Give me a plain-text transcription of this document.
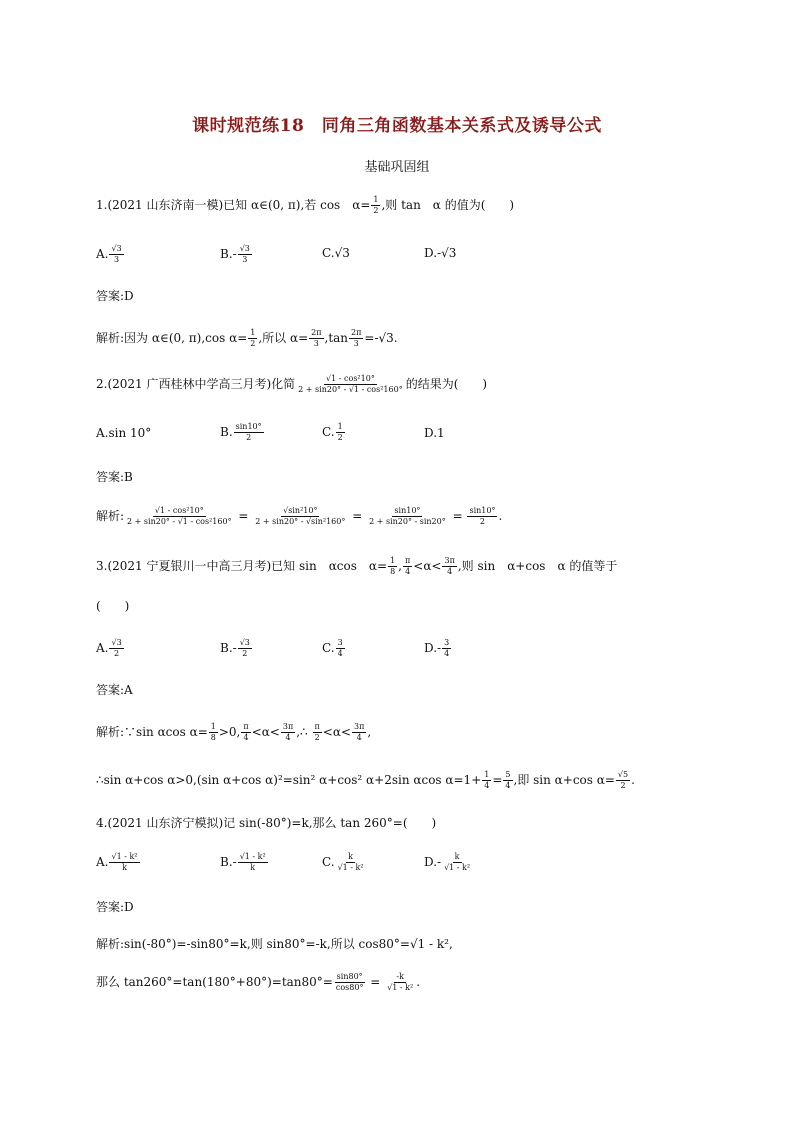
课时规范练18　同角三角函数基本关系式及诱导公式
基础巩固组
1.(2021 山东济南一模)已知 α∈(0, π),若 cos　$\alpha= \frac{1}{2}$ ,则 tan　α 的值为(　　)
A. $\frac{√3}{3}$	$B.- \frac{√3}{3}$	C.√3	D.-√3
答案:D
解析:因为 α∈(0, π),cos $\alpha= \frac{1}{2}$ ,所以 $\alpha= \frac{2\pi}{3} ,\tan \frac{2\pi}{3} =-√3$.
2.(2021 广西桂林中学高三月考)化简 $\frac{\text{√1 - cos²10°}}{\text{2 + sin20° - √1 - cos²160°}}$ 的结果为(　　)
A.sin 10°	B. $\frac{\sin 10^\circ}{2}$	C. $\frac{1}{2}$	D.1
答案:B
解析: $\frac{\text{√1 - cos²10°}}{\text{2 + sin20° - √1 - cos²160°}} = \frac{\text{√sin²10°}}{\text{2 + sin20° - √sin²160°}} = \frac{\sin 10^\circ}{2 + \sin 20^\circ - \sin 20^\circ} = \frac{\sin 10^\circ}{2}$ .
3.(2021 宁夏银川一中高三月考)已知 sin　αcos　$\alpha= \frac{1}{8}$ , $\frac{\pi}{4} <\alpha< \frac{3\pi}{4}$ ,则 sin　α+cos　α 的值等于
(　　)
A. $\frac{√3}{2}$	$B.- \frac{√3}{2}$	C. $\frac{3}{4}$	$D.- \frac{3}{4}$
答案:A
解析:∵sin αcos $\alpha= \frac{1}{8} >0$, $\frac{\pi}{4} <\alpha< \frac{3\pi}{4}$ ,∴ $\frac{\pi}{2} <\alpha< \frac{3\pi}{4}$ ,
∴sin α+cos α>0,(sin α+cos α)²=sin² α+cos² α+2sin αcos $\alpha=1+ \frac{1}{4} = \frac{5}{4}$ ,即 sin α+cos $\alpha= \frac{√5}{2}$ .
4.(2021 山东济宁模拟)记 sin(-80°)=k,那么 tan 260°=(　　)
A. $\frac{\text{√1 - k²}}{k}$	$B.- \frac{\text{√1 - k²}}{k}$	C. $\frac{k}{\text{√1 - k²}}$	$D.- \frac{k}{\text{√1 - k²}}$
答案:D
解析:sin(-80°)=-sin80°=k,则 sin80°=-k,所以 cos80°=√1 - k²,
那么 $\tan 260^\circ=\tan(180^\circ+80^\circ)=\tan 80^\circ= \frac{\sin 80^\circ}{\cos 80^\circ} = \frac{-k}{\text{√1 - k²}}$ .
